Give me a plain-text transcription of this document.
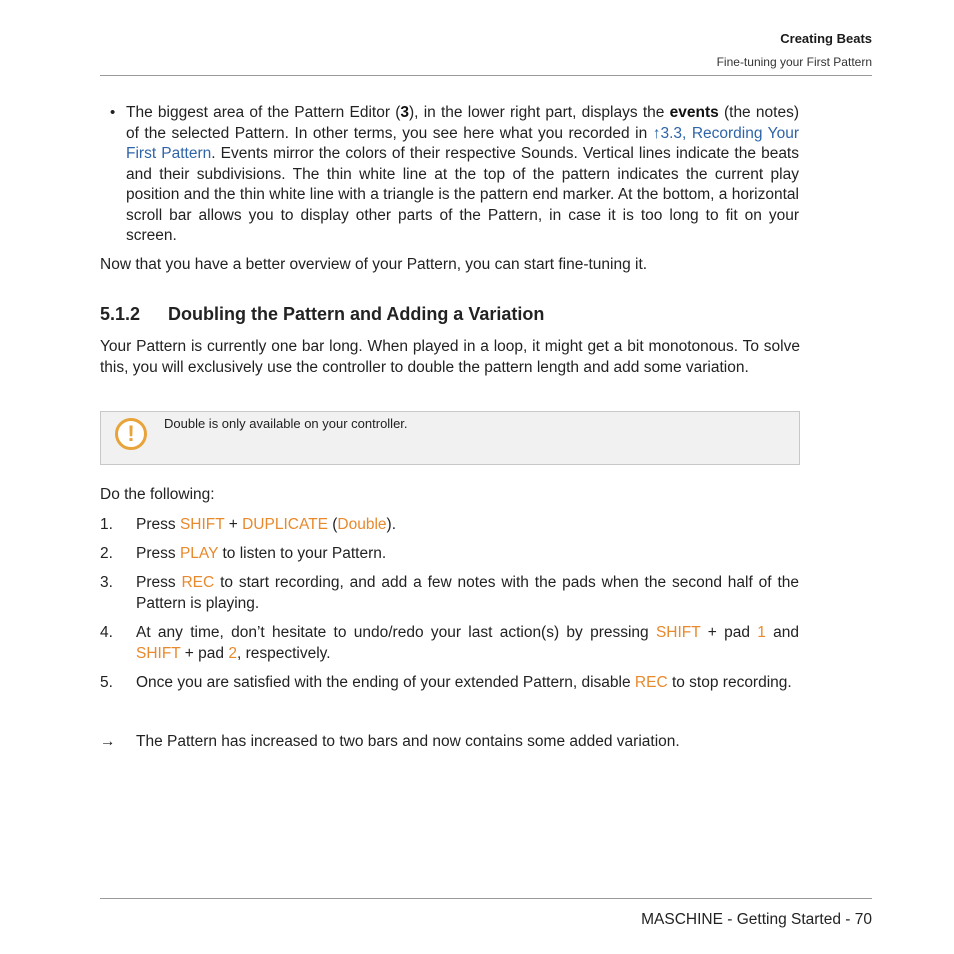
Creating Beats
Fine-tuning your First Pattern
• The biggest area of the Pattern Editor (3), in the lower right part, displays the events (the notes) of the selected Pattern. In other terms, you see here what you recorded in ↑3.3, Recording Your First Pattern. Events mirror the colors of their respective Sounds. Vertical lines indicate the beats and their subdivisions. The thin white line at the top of the pattern indicates the current play position and the thin white line with a triangle is the pattern end marker. At the bottom, a horizontal scroll bar allows you to display other parts of the Pattern, in case it is too long to fit on your screen.
Now that you have a better overview of your Pattern, you can start fine-tuning it.
5.1.2 Doubling the Pattern and Adding a Variation
Your Pattern is currently one bar long. When played in a loop, it might get a bit monotonous. To solve this, you will exclusively use the controller to double the pattern length and add some variation.
!	Double is only available on your controller.
Do the following:
1.	Press SHIFT + DUPLICATE (Double).
2.	Press PLAY to listen to your Pattern.
3.	Press REC to start recording, and add a few notes with the pads when the second half of the Pattern is playing.
4.	At any time, don’t hesitate to undo/redo your last action(s) by pressing SHIFT + pad 1 and SHIFT + pad 2, respectively.
5.	Once you are satisfied with the ending of your extended Pattern, disable REC to stop recording.
→ The Pattern has increased to two bars and now contains some added variation.
MASCHINE - Getting Started - 70
